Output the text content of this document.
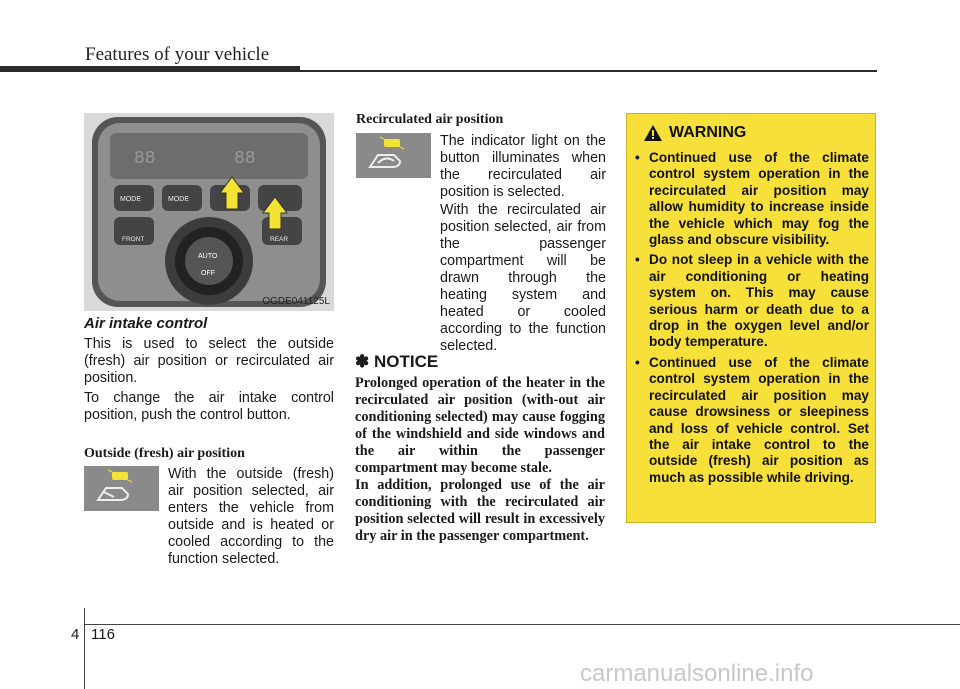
Features of your vehicle
88	88
MODE	MODE
FRONT	REAR
AUTO
OFF
OGDE041125L
Air intake control
This is used to select the outside (fresh) air position or recirculated air position.
To change the air intake control position, push the control button.
Outside (fresh) air position
With the outside (fresh) air position selected, air enters the vehicle from outside and is heated or cooled according to the function selected.
Recirculated air position
The indicator light on the button illuminates when the recirculated air position is selected.
With the recirculated air position selected, air from the passenger compartment will be drawn through the heating system and heated or cooled according to the function selected.
✽ NOTICE
Prolonged operation of the heater in the recirculated air position (with-out air conditioning selected) may cause fogging of the windshield and side windows and the air within the passenger compartment may become stale.
In addition, prolonged use of the air conditioning with the recirculated air position selected will result in excessively dry air in the passenger compartment.
WARNING
• Continued use of the climate control system operation in the recirculated air position may allow humidity to increase inside the vehicle which may fog the glass and obscure visibility.
• Do not sleep in a vehicle with the air conditioning or heating system on. This may cause serious harm or death due to a drop in the oxygen level and/or body temperature.
• Continued use of the climate control system operation in the recirculated air position may cause drowsiness or sleepiness and loss of vehicle control. Set the air intake control to the outside (fresh) air position as much as possible while driving.
4 116
carmanualsonline.info
